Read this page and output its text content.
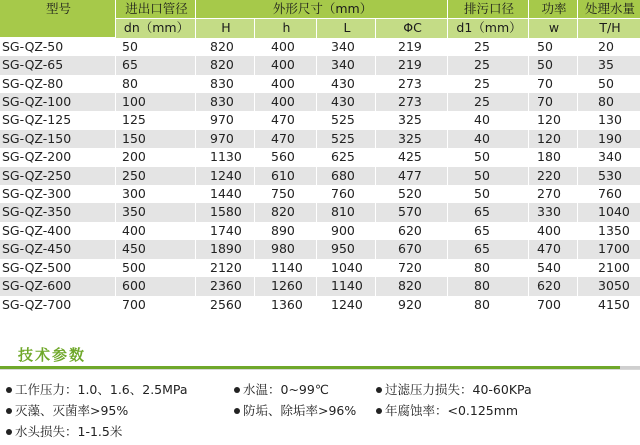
型号	进出口管径	外形尺寸（mm）				排污口径	功率	处理水量
	dn（mm）	H	h	L	ΦC	d1（mm）	w	T/H
SG-QZ-50	50	820	400	340	219	25	50	20
SG-QZ-65	65	820	400	340	219	25	50	35
SG-QZ-80	80	830	400	430	273	25	70	50
SG-QZ-100	100	830	400	430	273	25	70	80
SG-QZ-125	125	970	470	525	325	40	120	130
SG-QZ-150	150	970	470	525	325	40	120	190
SG-QZ-200	200	1130	560	625	425	50	180	340
SG-QZ-250	250	1240	610	680	477	50	220	530
SG-QZ-300	300	1440	750	760	520	50	270	760
SG-QZ-350	350	1580	820	810	570	65	330	1040
SG-QZ-400	400	1740	890	900	620	65	400	1350
SG-QZ-450	450	1890	980	950	670	65	470	1700
SG-QZ-500	500	2120	1140	1040	720	80	540	2100
SG-QZ-600	600	2360	1260	1140	820	80	620	3050
SG-QZ-700	700	2560	1360	1240	920	80	700	4150
技术参数
工作压力：1.0、1.6、2.5MPa	水温：0~99℃	过滤压力损失：40-60KPa
灭藻、灭菌率>95%	防垢、除垢率>96%	年腐蚀率：<0.125mm
水头损失：1-1.5米
